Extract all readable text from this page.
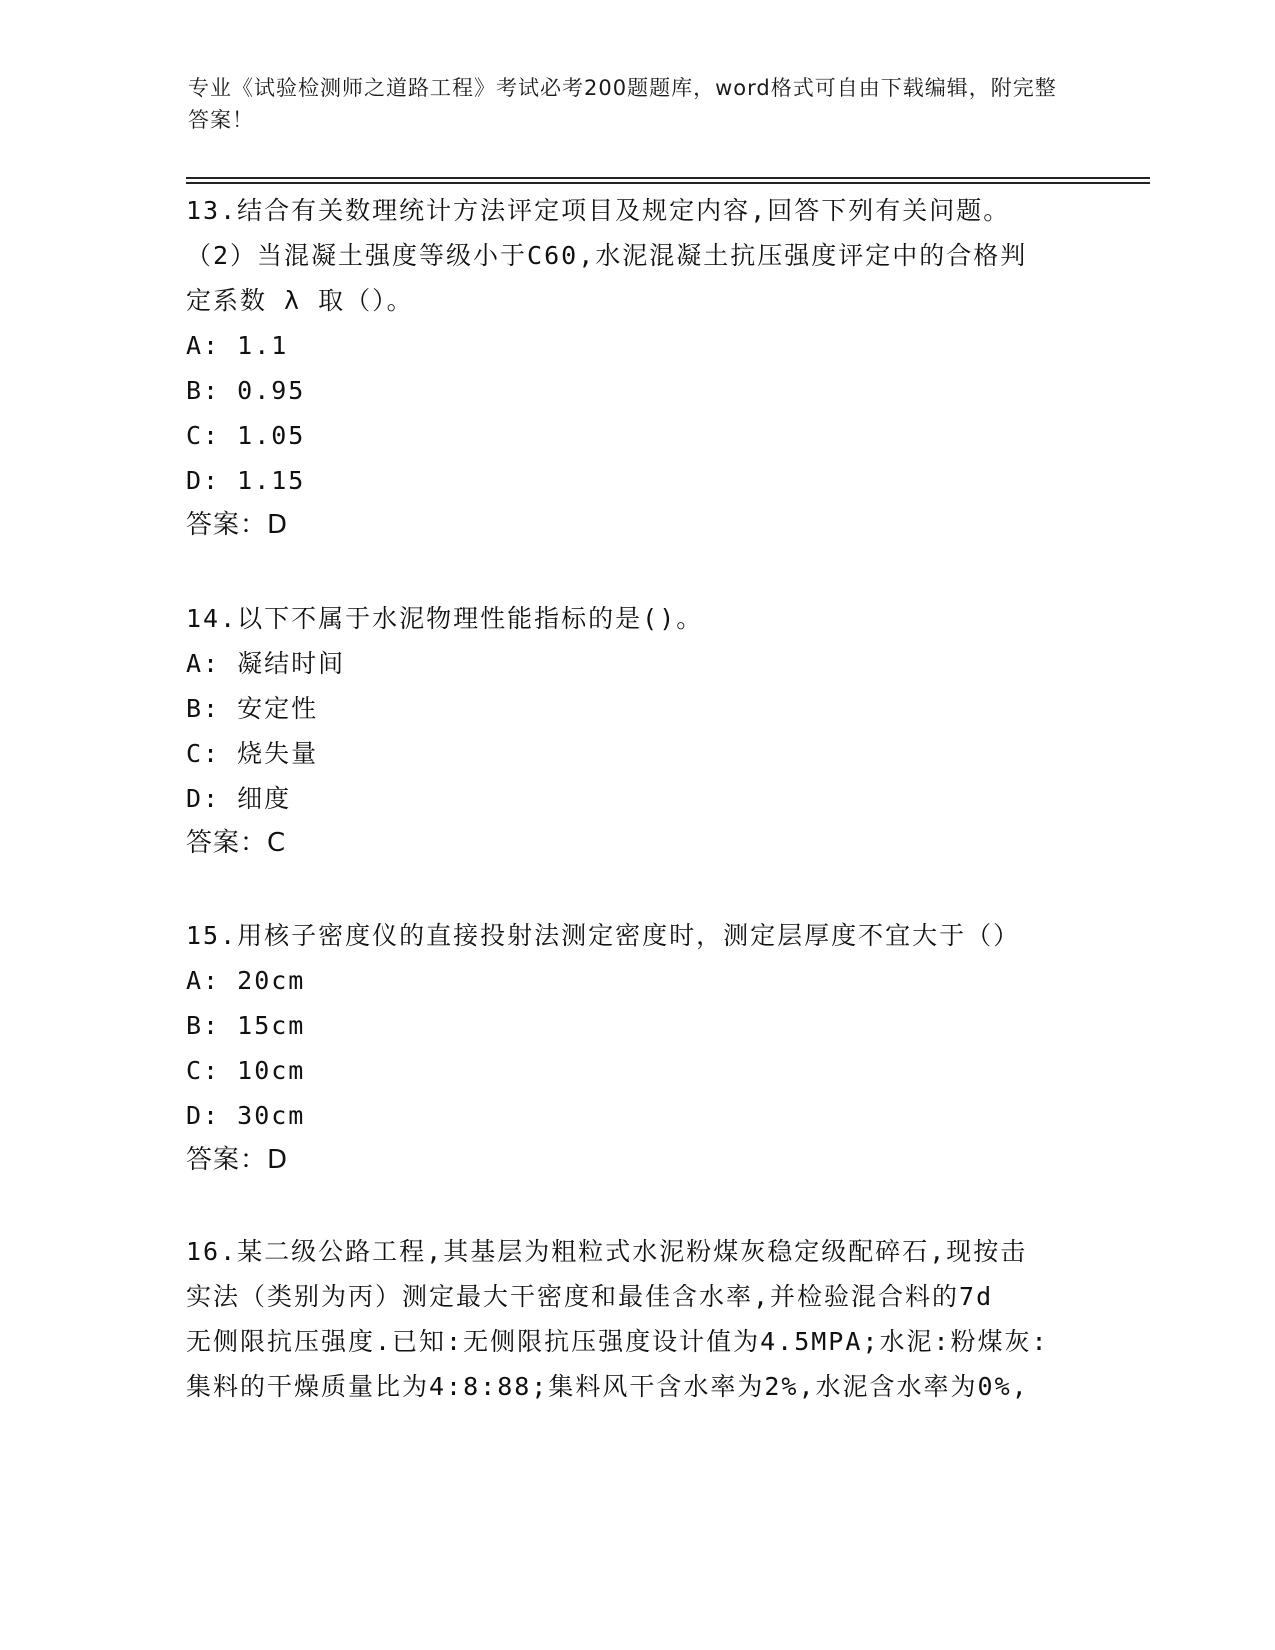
专业《试验检测师之道路工程》考试必考200题题库，word格式可自由下载编辑，附完整答案！
13.结合有关数理统计方法评定项目及规定内容,回答下列有关问题。
（2）当混凝土强度等级小于C60,水泥混凝土抗压强度评定中的合格判
定系数 λ 取（）。
A: 1.1
B: 0.95
C: 1.05
D: 1.15
答案：D
14.以下不属于水泥物理性能指标的是()。
A: 凝结时间
B: 安定性
C: 烧失量
D: 细度
答案：C
15.用核子密度仪的直接投射法测定密度时，测定层厚度不宜大于（）
A: 20cm
B: 15cm
C: 10cm
D: 30cm
答案：D
16.某二级公路工程,其基层为粗粒式水泥粉煤灰稳定级配碎石,现按击
实法（类别为丙）测定最大干密度和最佳含水率,并检验混合料的7d
无侧限抗压强度.已知:无侧限抗压强度设计值为4.5MPA;水泥:粉煤灰:
集料的干燥质量比为4:8:88;集料风干含水率为2%,水泥含水率为0%,
